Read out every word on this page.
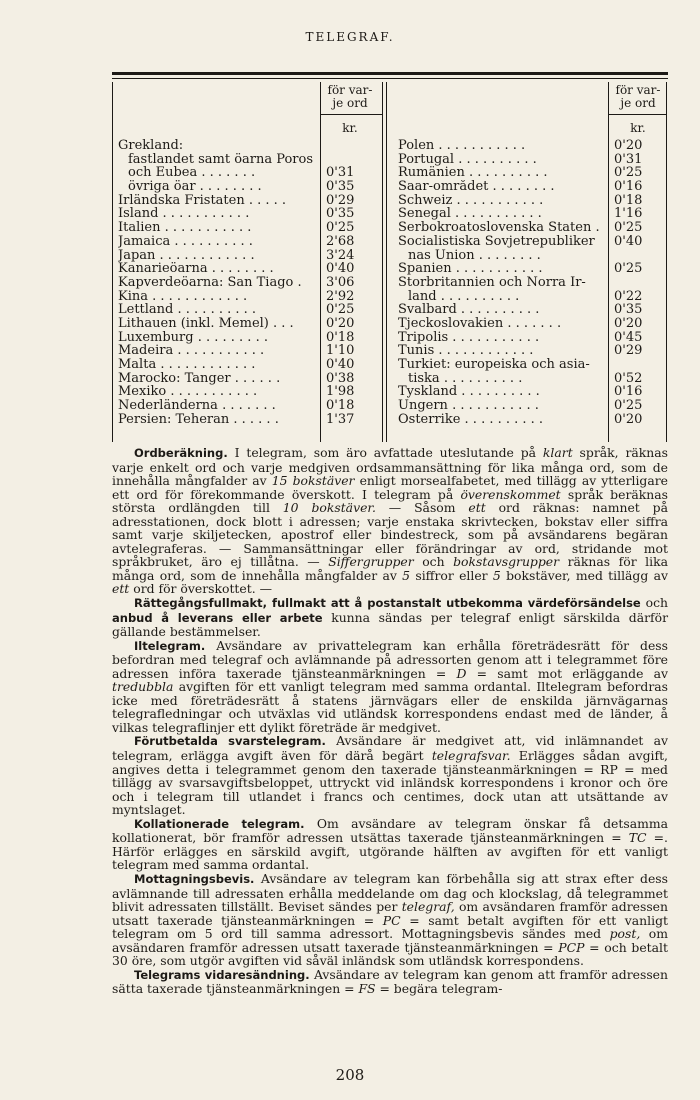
TELEGRAF.
för var-
je ord
för var-
je ord
kr.	kr.
Grekland:
fastlandet samt öarna Poros
och Eubea . . . . . . .
övriga öar . . . . . . . .
Irländska Fristaten . . . . .
Island . . . . . . . . . . .
Italien . . . . . . . . . . .
Jamaica . . . . . . . . . .
Japan . . . . . . . . . . . .
Kanarieöarna . . . . . . . .
Kapverdeöarna: San Tiago .
Kina . . . . . . . . . . . .
Lettland . . . . . . . . . .
Lithauen (inkl. Memel) . . .
Luxemburg . . . . . . . . .
Madeira . . . . . . . . . . .
Malta . . . . . . . . . . . .
Marocko: Tanger . . . . . .
Mexiko . . . . . . . . . . .
Nederländerna . . . . . . .
Persien: Teheran . . . . . .
0'31
0'35
0'29
0'35
0'25
2'68
3'24
0'40
3'06
2'92
0'25
0'20
0'18
1'10
0'40
0'38
1'98
0'18
1'37
Polen . . . . . . . . . . .
Portugal . . . . . . . . . .
Rumänien . . . . . . . . . .
Saar-området . . . . . . . .
Schweiz . . . . . . . . . . .
Senegal . . . . . . . . . . .
Serbokroatoslovenska Staten .
Socialistiska Sovjetrepubliker
nas Union . . . . . . . .
Spanien . . . . . . . . . . .
Storbritannien och Norra Ir-
land . . . . . . . . . .
Svalbard . . . . . . . . . .
Tjeckoslovakien . . . . . . .
Tripolis . . . . . . . . . . .
Tunis . . . . . . . . . . . .
Turkiet: europeiska och asia-
tiska . . . . . . . . . .
Tyskland . . . . . . . . . .
Ungern . . . . . . . . . . .
Österrike . . . . . . . . . .
0'20
0'31
0'25
0'16
0'18
1'16
0'25
0'40
0'25
0'22
0'35
0'20
0'45
0'29
0'52
0'16
0'25
0'20

Ordberäkning. I telegram, som äro avfattade uteslutande på klart språk, räknas varje enkelt ord och varje medgiven ordsammansättning för lika många ord, som de innehålla mångfalder av 15 bokstäver enligt morsealfabetet, med tillägg av ytterligare ett ord för förekommande överskott. I telegram på överenskommet språk beräknas största ordlängden till 10 bokstäver. — Såsom ett ord räknas: namnet på adresstationen, dock blott i adressen; varje enstaka skrivtecken, bokstav eller siffra samt varje skiljetecken, apostrof eller bindestreck, som på avsändarens begäran avtelegraferas. — Sammansättningar eller förändringar av ord, stridande mot språkbruket, äro ej tillåtna. — Siffergrupper och bokstavsgrupper räknas för lika många ord, som de innehålla mångfalder av 5 siffror eller 5 bokstäver, med tillägg av ett ord för överskottet. —

Rättegångsfullmakt, fullmakt att å postanstalt utbekomma värdeförsändelse och anbud å leverans eller arbete kunna sändas per telegraf enligt särskilda därför gällande bestämmelser.

Iltelegram. Avsändare av privattelegram kan erhålla företrädesrätt för dess befordran med telegraf och avlämnande på adressorten genom att i telegrammet före adressen införa taxerade tjänsteanmärkningen = D = samt mot erläggande av tredubbla avgiften för ett vanligt telegram med samma ordantal. Iltelegram befordras icke med företrädesrätt å statens järnvägars eller de enskilda järnvägarnas telegrafledningar och utväxlas vid utländsk korrespondens endast med de länder, å vilkas telegraflinjer ett dylikt företräde är medgivet.

Förutbetalda svarstelegram. Avsändare är medgivet att, vid inlämnandet av telegram, erlägga avgift även för därå begärt telegrafsvar. Erlägges sådan avgift, angives detta i telegrammet genom den taxerade tjänsteanmärkningen = RP = med tillägg av svarsavgiftsbeloppet, uttryckt vid inländsk korrespondens i kronor och öre och i telegram till utlandet i francs och centimes, dock utan att utsättande av myntslaget.

Kollationerade telegram. Om avsändare av telegram önskar få detsamma kollationerat, bör framför adressen utsättas taxerade tjänsteanmärkningen = TC =. Härför erlägges en särskild avgift, utgörande hälften av avgiften för ett vanligt telegram med samma ordantal.

Mottagningsbevis. Avsändare av telegram kan förbehålla sig att strax efter dess avlämnande till adressaten erhålla meddelande om dag och klockslag, då telegrammet blivit adressaten tillställt. Beviset sändes per telegraf, om avsändaren framför adressen utsatt taxerade tjänsteanmärkningen = PC = samt betalt avgiften för ett vanligt telegram om 5 ord till samma adressort. Mottagningsbevis sändes med post, om avsändaren framför adressen utsatt taxerade tjänsteanmärkningen = PCP = och betalt 30 öre, som utgör avgiften vid såväl inländsk som utländsk korrespondens.

Telegrams vidaresändning. Avsändare av telegram kan genom att framför adressen sätta taxerade tjänsteanmärkningen = FS = begära telegram-

208
